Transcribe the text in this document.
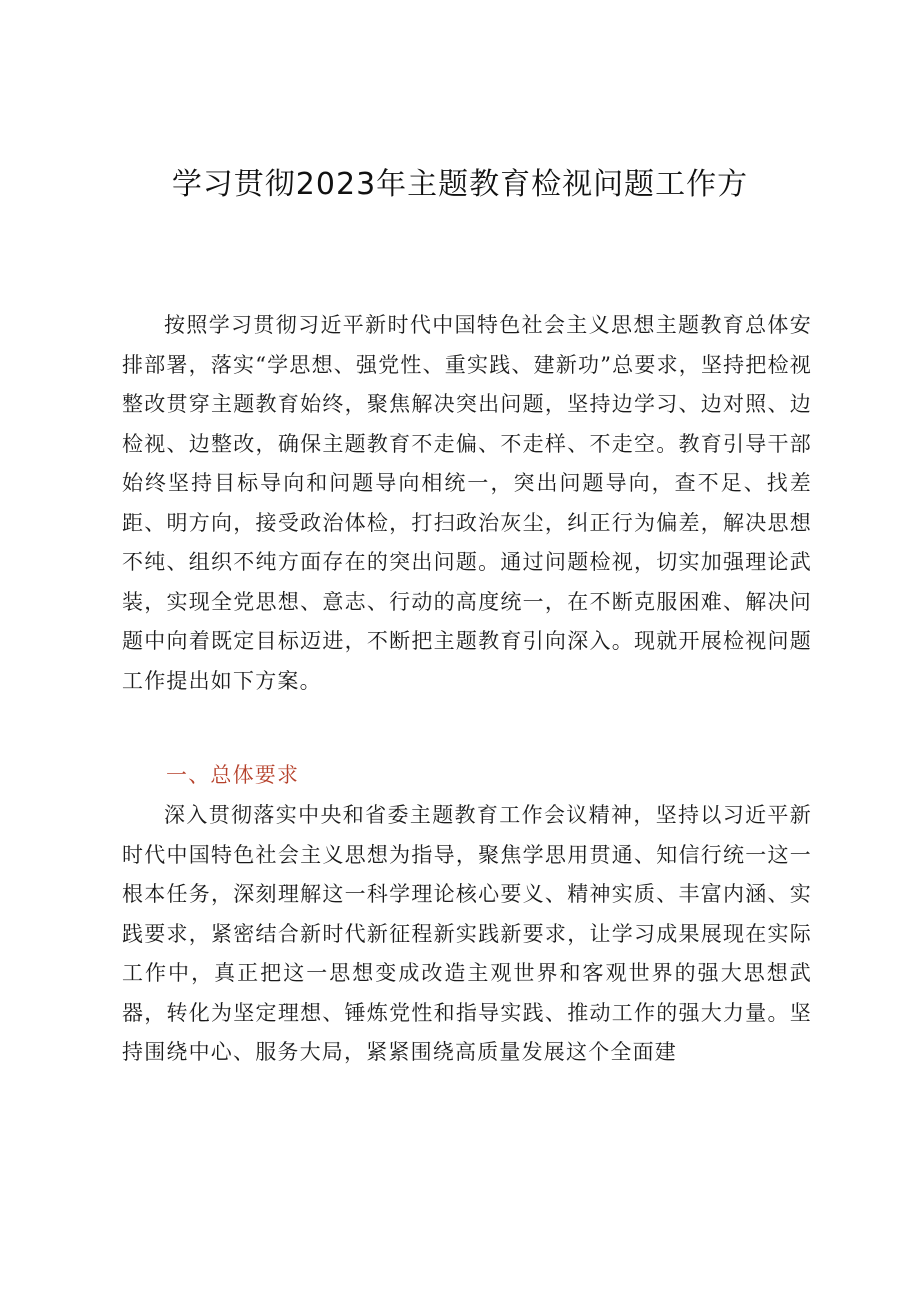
学习贯彻2023年主题教育检视问题工作方

按照学习贯彻习近平新时代中国特色社会主义思想主题教育总体安排部署，落实“学思想、强党性、重实践、建新功”总要求，坚持把检视整改贯穿主题教育始终，聚焦解决突出问题，坚持边学习、边对照、边检视、边整改，确保主题教育不走偏、不走样、不走空。教育引导干部始终坚持目标导向和问题导向相统一，突出问题导向，查不足、找差距、明方向，接受政治体检，打扫政治灰尘，纠正行为偏差，解决思想不纯、组织不纯方面存在的突出问题。通过问题检视，切实加强理论武装，实现全党思想、意志、行动的高度统一，在不断克服困难、解决问题中向着既定目标迈进，不断把主题教育引向深入。现就开展检视问题工作提出如下方案。

一、总体要求

深入贯彻落实中央和省委主题教育工作会议精神，坚持以习近平新时代中国特色社会主义思想为指导，聚焦学思用贯通、知信行统一这一根本任务，深刻理解这一科学理论核心要义、精神实质、丰富内涵、实践要求，紧密结合新时代新征程新实践新要求，让学习成果展现在实际工作中，真正把这一思想变成改造主观世界和客观世界的强大思想武器，转化为坚定理想、锤炼党性和指导实践、推动工作的强大力量。坚持围绕中心、服务大局，紧紧围绕高质量发展这个全面建
